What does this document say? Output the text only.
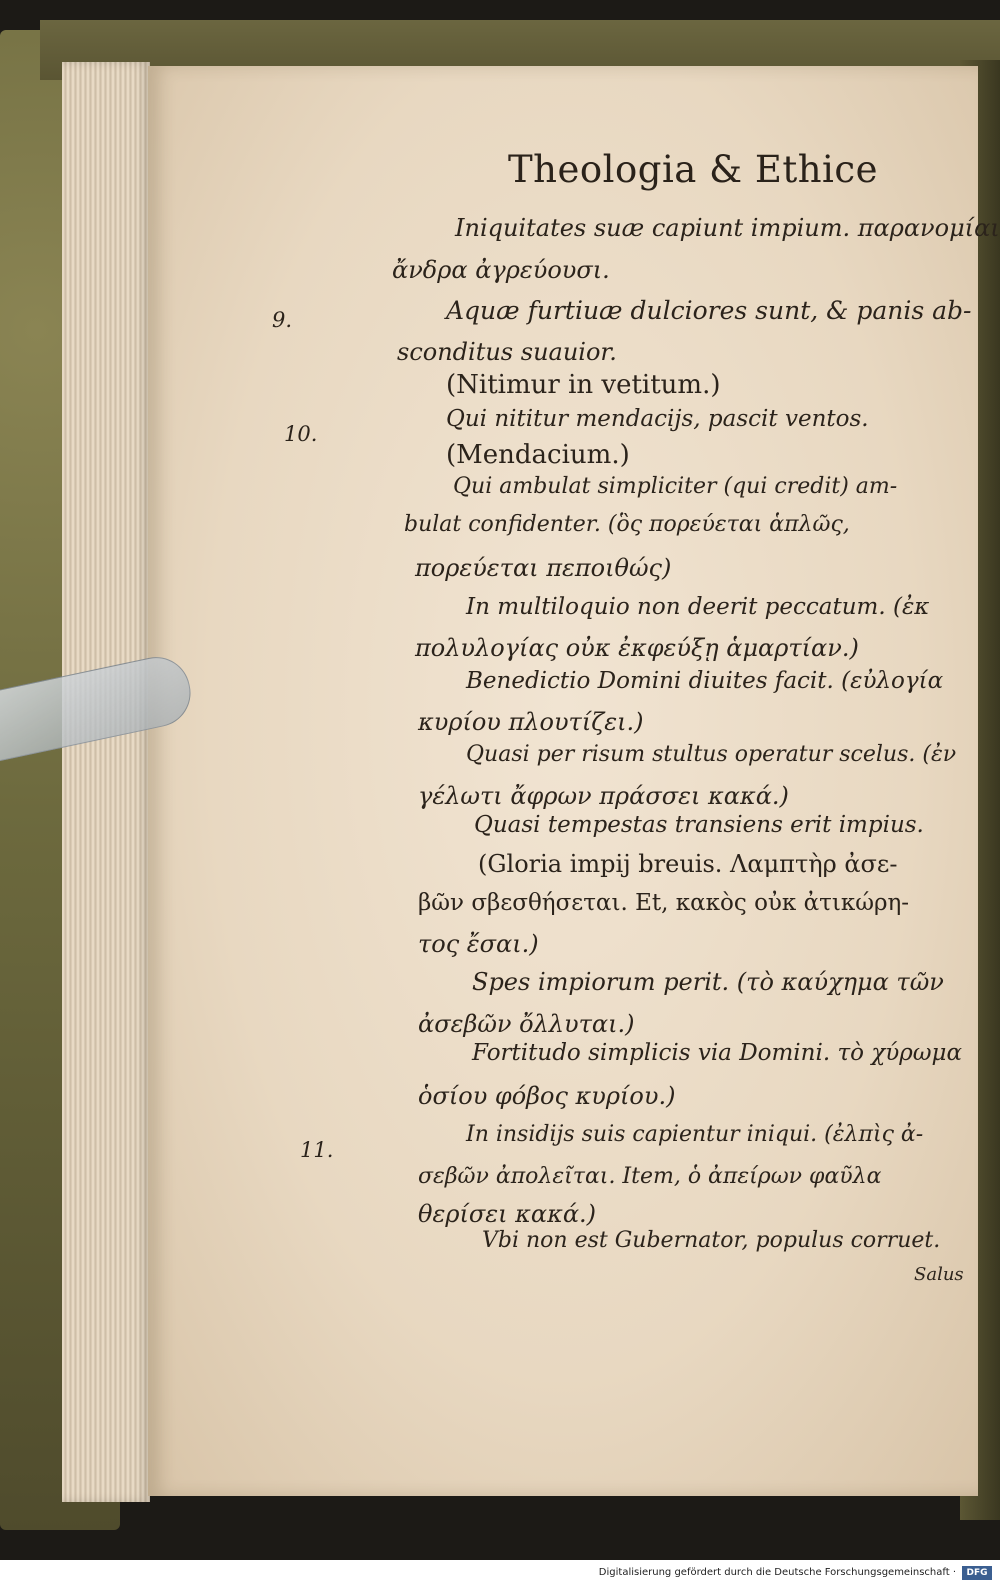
Theologia & Ethice
9.
10.
11.
Iniquitates suæ capiunt impium. παρανομίαι
ἄνδρα ἀγρεύουσι.
Aquæ furtiuæ dulciores sunt, & panis ab-
sconditus suauior.
(Nitimur in vetitum.)
Qui nititur mendacijs, pascit ventos.
(Mendacium.)
Qui ambulat simpliciter (qui credit) am-
bulat confidenter. (ὃς πορεύεται ἁπλῶς,
πορεύεται πεποιθώς)
In multiloquio non deerit peccatum. (ἐκ
πολυλογίας οὐκ ἐκφεύξῃ ἁμαρτίαν.)
Benedictio Domini diuites facit. (εὐλογία
κυρίου πλουτίζει.)
Quasi per risum stultus operatur scelus. (ἐν
γέλωτι ἄφρων πράσσει κακά.)
Quasi tempestas transiens erit impius.
(Gloria impij breuis. Λαμπτὴρ ἀσε-
βῶν σβεσθήσεται. Et, κακὸς οὐκ ἀτικώρη-
τος ἔσαι.)
Spes impiorum perit. (τὸ καύχημα τῶν
ἀσεβῶν ὄλλυται.)
Fortitudo simplicis via Domini. τὸ χύρωμα
ὁσίου φόβος κυρίου.)
In insidijs suis capientur iniqui. (ἐλπὶς ἀ-
σεβῶν ἀπολεῖται. Item, ὁ ἀπείρων φαῦλα
θερίσει κακά.)
Vbi non est Gubernator, populus corruet.
Salus
Digitalisierung gefördert durch die Deutsche Forschungsgemeinschaft ·	DFG
